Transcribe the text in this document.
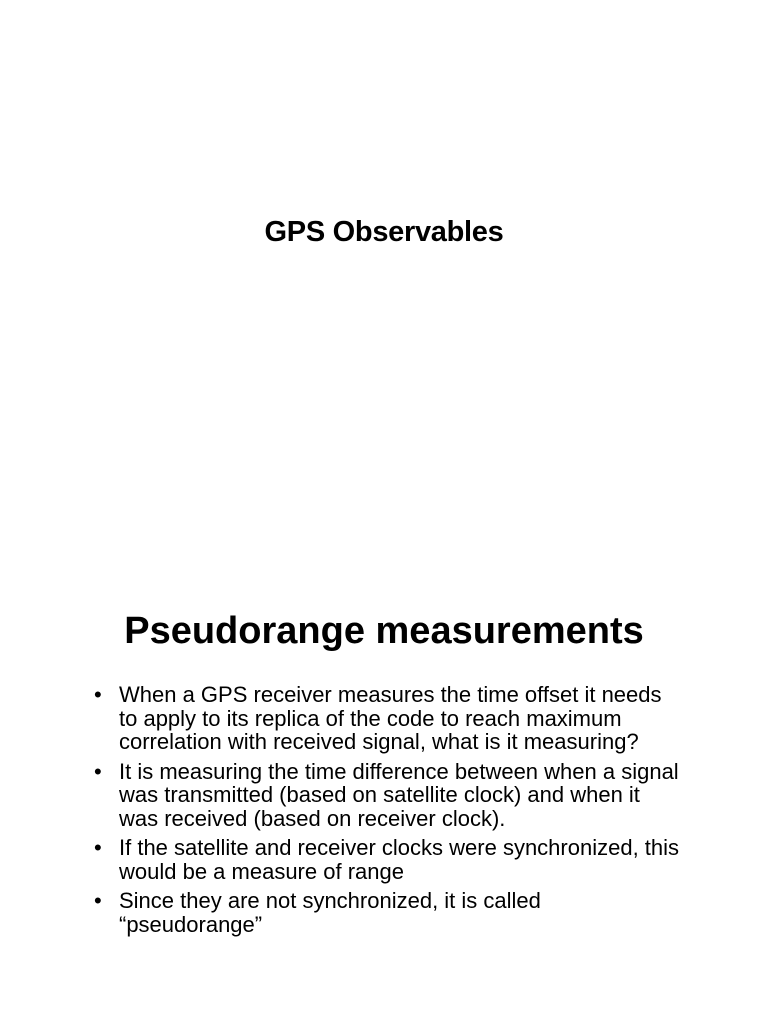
GPS Observables
Pseudorange measurements
• When a GPS receiver measures the time offset it needs to apply to its replica of the code to reach maximum correlation with received signal, what is it measuring?
• It is measuring the time difference between when a signal was transmitted (based on satellite clock) and when it was received (based on receiver clock).
• If the satellite and receiver clocks were synchronized, this would be a measure of range
• Since they are not synchronized, it is called “pseudorange”
